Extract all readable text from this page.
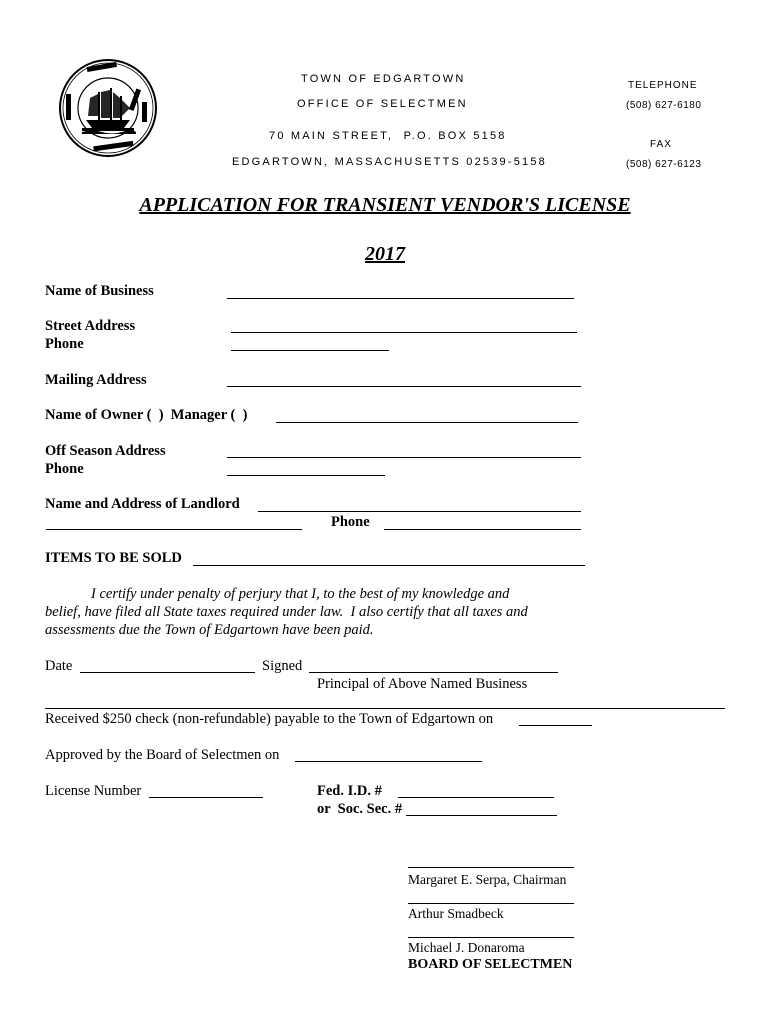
TOWN OF EDGARTOWN
OFFICE OF SELECTMEN
70 MAIN STREET,  P.O. BOX 5158
EDGARTOWN, MASSACHUSETTS 02539-5158
TELEPHONE
(508) 627-6180
FAX
(508) 627-6123
APPLICATION FOR TRANSIENT VENDOR'S LICENSE
2017
Name of Business
Street Address
Phone
Mailing Address
Name of Owner (  )  Manager (  )
Off Season Address
Phone
Name and Address of Landlord
Phone
ITEMS TO BE SOLD
I certify under penalty of perjury that I, to the best of my knowledge and
belief, have filed all State taxes required under law.  I also certify that all taxes and
assessments due the Town of Edgartown have been paid.
Date	Signed
Principal of Above Named Business
Received $250 check (non-refundable) payable to the Town of Edgartown on
Approved by the Board of Selectmen on
License Number	Fed. I.D. #
or  Soc. Sec. #
Margaret E. Serpa, Chairman
Arthur Smadbeck
Michael J. Donaroma
BOARD OF SELECTMEN
